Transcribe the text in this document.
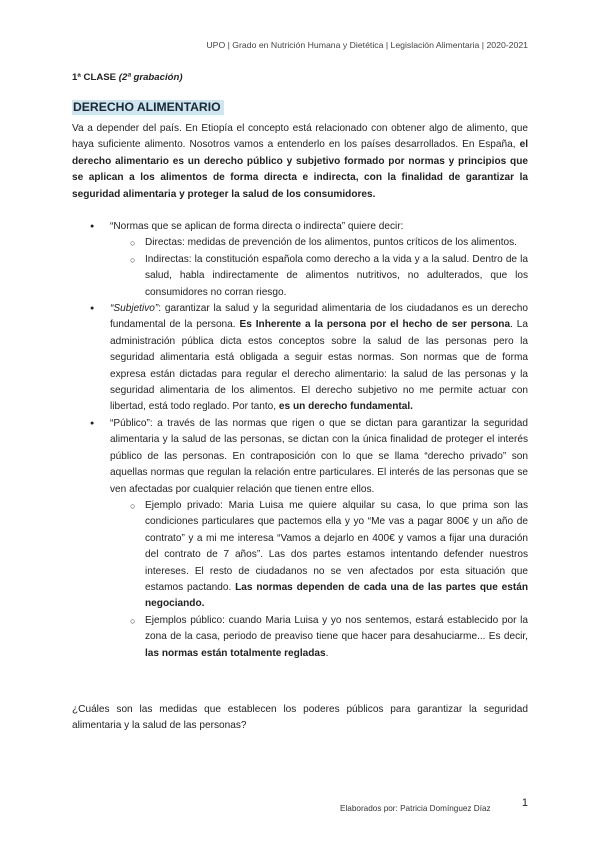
UPO | Grado en Nutrición Humana y Dietética | Legislación Alimentaria | 2020-2021
1ª CLASE (2ª grabación)
DERECHO ALIMENTARIO

Va a depender del país. En Etiopía el concepto está relacionado con obtener algo de alimento, que haya suficiente alimento. Nosotros vamos a entenderlo en los países desarrollados. En España, el derecho alimentario es un derecho público y subjetivo formado por normas y principios que se aplican a los alimentos de forma directa e indirecta, con la finalidad de garantizar la seguridad alimentaria y proteger la salud de los consumidores.

● “Normas que se aplican de forma directa o indirecta” quiere decir:
○ Directas: medidas de prevención de los alimentos, puntos críticos de los alimentos.
○ Indirectas: la constitución española como derecho a la vida y a la salud. Dentro de la salud, habla indirectamente de alimentos nutritivos, no adulterados, que los consumidores no corran riesgo.
● “Subjetivo”: garantizar la salud y la seguridad alimentaria de los ciudadanos es un derecho fundamental de la persona. Es Inherente a la persona por el hecho de ser persona. La administración pública dicta estos conceptos sobre la salud de las personas pero la seguridad alimentaria está obligada a seguir estas normas. Son normas que de forma expresa están dictadas para regular el derecho alimentario: la salud de las personas y la seguridad alimentaria de los alimentos. El derecho subjetivo no me permite actuar con libertad, está todo reglado. Por tanto, es un derecho fundamental.
● “Público”: a través de las normas que rigen o que se dictan para garantizar la seguridad alimentaria y la salud de las personas, se dictan con la única finalidad de proteger el interés público de las personas. En contraposición con lo que se llama “derecho privado” son aquellas normas que regulan la relación entre particulares. El interés de las personas que se ven afectadas por cualquier relación que tienen entre ellos.
○ Ejemplo privado: Maria Luisa me quiere alquilar su casa, lo que prima son las condiciones particulares que pactemos ella y yo “Me vas a pagar 800€ y un año de contrato” y a mi me interesa “Vamos a dejarlo en 400€ y vamos a fijar una duración del contrato de 7 años”. Las dos partes estamos intentando defender nuestros intereses. El resto de ciudadanos no se ven afectados por esta situación que estamos pactando. Las normas dependen de cada una de las partes que están negociando.
○ Ejemplos público: cuando Maria Luisa y yo nos sentemos, estará establecido por la zona de la casa, periodo de preaviso tiene que hacer para desahuciarme... Es decir, las normas están totalmente regladas.

¿Cuáles son las medidas que establecen los poderes públicos para garantizar la seguridad alimentaria y la salud de las personas?

Elaborados por: Patricia Domínguez Díaz	1
